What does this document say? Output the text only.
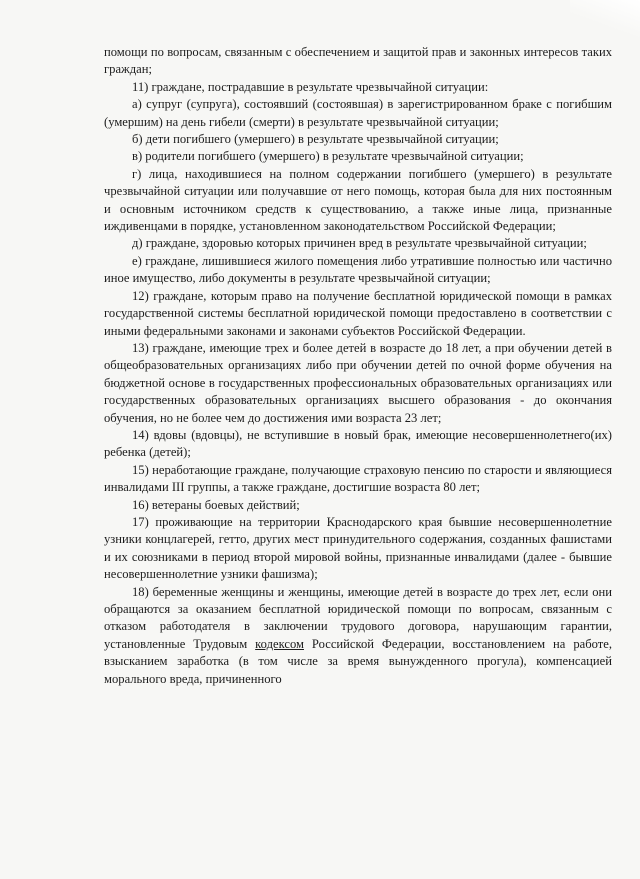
помощи по вопросам, связанным с обеспечением и защитой прав и законных интересов таких граждан;

11) граждане, пострадавшие в результате чрезвычайной ситуации:

а) супруг (супруга), состоявший (состоявшая) в зарегистрированном браке с погибшим (умершим) на день гибели (смерти) в результате чрезвычайной ситуации;

б) дети погибшего (умершего) в результате чрезвычайной ситуации;

в) родители погибшего (умершего) в результате чрезвычайной ситуации;

г) лица, находившиеся на полном содержании погибшего (умершего) в результате чрезвычайной ситуации или получавшие от него помощь, которая была для них постоянным и основным источником средств к существованию, а также иные лица, признанные иждивенцами в порядке, установленном законодательством Российской Федерации;

д) граждане, здоровью которых причинен вред в результате чрезвычайной ситуации;

е) граждане, лишившиеся жилого помещения либо утратившие полностью или частично иное имущество, либо документы в результате чрезвычайной ситуации;

12) граждане, которым право на получение бесплатной юридической помощи в рамках государственной системы бесплатной юридической помощи предоставлено в соответствии с иными федеральными законами и законами субъектов Российской Федерации.

13) граждане, имеющие трех и более детей в возрасте до 18 лет, а при обучении детей в общеобразовательных организациях либо при обучении детей по очной форме обучения на бюджетной основе в государственных профессиональных образовательных организациях или государственных образовательных организациях высшего образования - до окончания обучения, но не более чем до достижения ими возраста 23 лет;

14) вдовы (вдовцы), не вступившие в новый брак, имеющие несовершеннолетнего(их) ребенка (детей);

15) неработающие граждане, получающие страховую пенсию по старости и являющиеся инвалидами III группы, а также граждане, достигшие возраста 80 лет;

16) ветераны боевых действий;

17) проживающие на территории Краснодарского края бывшие несовершеннолетние узники концлагерей, гетто, других мест принудительного содержания, созданных фашистами и их союзниками в период второй мировой войны, признанные инвалидами (далее - бывшие несовершеннолетние узники фашизма);

18) беременные женщины и женщины, имеющие детей в возрасте до трех лет, если они обращаются за оказанием бесплатной юридической помощи по вопросам, связанным с отказом работодателя в заключении трудового договора, нарушающим гарантии, установленные Трудовым кодексом Российской Федерации, восстановлением на работе, взысканием заработка (в том числе за время вынужденного прогула), компенсацией морального вреда, причиненного
